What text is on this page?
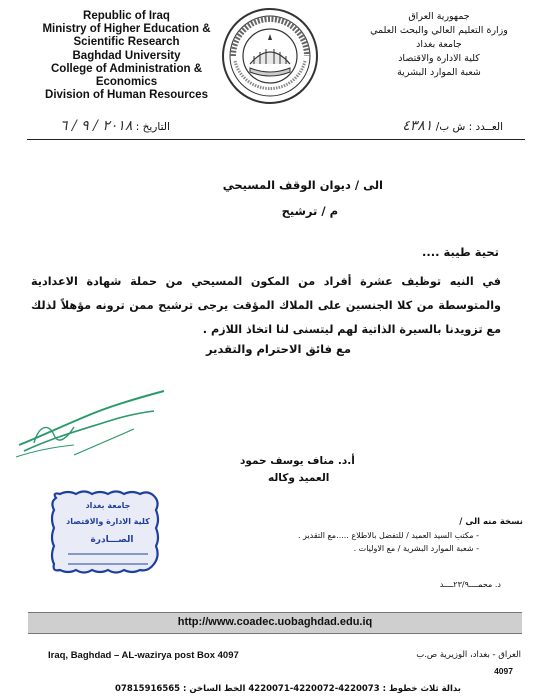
Republic of Iraq
Ministry of Higher Education &
Scientific Research
Baghdad University
College of Administration &
Economics
Division of Human Resources
جمهورية العراق
وزارة التعليم العالي والبحث العلمي
جامعة بغداد
كلية الادارة والاقتصاد
شعبة الموارد البشرية
التاريخ : ٢٠١٨ / ٩ / ٦	العــدد : ش ب/ ٤٣٨١
الى / ديوان الوقف المسيحي
م / ترشيح
تحية طيبة ....
في النيه توظيف عشرة أفراد من المكون المسيحي من حملة شهادة الاعدادية والمتوسطة من كلا الجنسين على الملاك المؤقت يرجى ترشيح ممن ترونه مؤهلاً لذلك مع تزويدنا بالسيرة الذاتية لهم ليتسنى لنا اتخاذ اللازم .
مع فائق الاحترام والتقدير
أ.د. مناف يوسف حمود
العميد وكاله
جامعة بغداد
كلية الادارة والاقتصاد
الصـــادرة
نسخة منه الى /
- مكتب السيد العميد / للتفضل بالاطلاع .....مع التقدير .
- شعبة الموارد البشرية / مع الاوليات .
د. محمــــ٢٣/٩ــــد
http://www.coadec.uobaghdad.edu.iq
Iraq, Baghdad – AL-wazirya post Box 4097	العراق - بغداد، الوزيرية ص.ب
4097
بدالة ثلاث خطوط : 4220073-4220072-4220071 الخط الساخن : 07815916565
